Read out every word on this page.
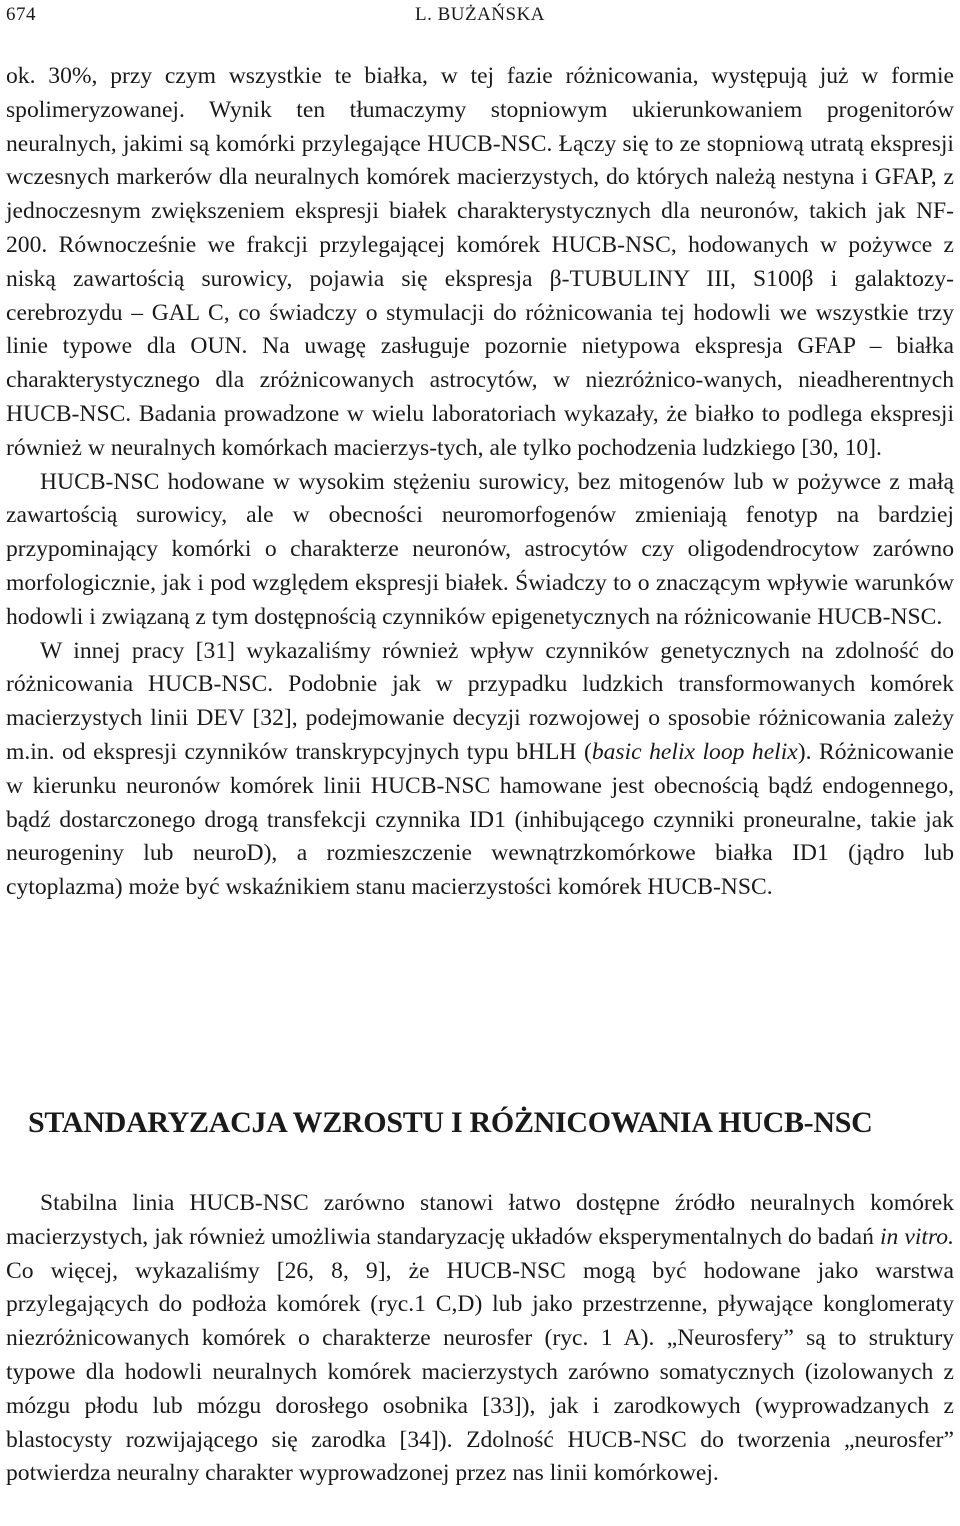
674	L. BUŻAŃSKA

ok. 30%, przy czym wszystkie te białka, w tej fazie różnicowania, występują już w formie spolimeryzowanej. Wynik ten tłumaczymy stopniowym ukierunkowaniem progenitorów neuralnych, jakimi są komórki przylegające HUCB-NSC. Łączy się to ze stopniową utratą ekspresji wczesnych markerów dla neuralnych komórek macierzystych, do których należą nestyna i GFAP, z jednoczesnym zwiększeniem ekspresji białek charakterystycznych dla neuronów, takich jak NF-200. Równocześnie we frakcji przylegającej komórek HUCB-NSC, hodowanych w pożywce z niską zawartością surowicy, pojawia się ekspresja β-TUBULINY III, S100β i galaktozy-cerebrozydu – GAL C, co świadczy o stymulacji do różnicowania tej hodowli we wszystkie trzy linie typowe dla OUN. Na uwagę zasługuje pozornie nietypowa ekspresja GFAP – białka charakterystycznego dla zróżnicowanych astrocytów, w niezróżnico-wanych, nieadherentnych HUCB-NSC. Badania prowadzone w wielu laboratoriach wykazały, że białko to podlega ekspresji również w neuralnych komórkach macierzys-tych, ale tylko pochodzenia ludzkiego [30, 10].

HUCB-NSC hodowane w wysokim stężeniu surowicy, bez mitogenów lub w pożywce z małą zawartością surowicy, ale w obecności neuromorfogenów zmieniają fenotyp na bardziej przypominający komórki o charakterze neuronów, astrocytów czy oligodendrocytow zarówno morfologicznie, jak i pod względem ekspresji białek. Świadczy to o znaczącym wpływie warunków hodowli i związaną z tym dostępnością czynników epigenetycznych na różnicowanie HUCB-NSC.

W innej pracy [31] wykazaliśmy również wpływ czynników genetycznych na zdolność do różnicowania HUCB-NSC. Podobnie jak w przypadku ludzkich transformowanych komórek macierzystych linii DEV [32], podejmowanie decyzji rozwojowej o sposobie różnicowania zależy m.in. od ekspresji czynników transkrypcyjnych typu bHLH (basic helix loop helix). Różnicowanie w kierunku neuronów komórek linii HUCB-NSC hamowane jest obecnością bądź endogennego, bądź dostarczonego drogą transfekcji czynnika ID1 (inhibującego czynniki proneuralne, takie jak neurogeniny lub neuroD), a rozmieszczenie wewnątrzkomórkowe białka ID1 (jądro lub cytoplazma) może być wskaźnikiem stanu macierzystości komórek HUCB-NSC.

STANDARYZACJA WZROSTU I RÓŻNICOWANIA HUCB-NSC

Stabilna linia HUCB-NSC zarówno stanowi łatwo dostępne źródło neuralnych komórek macierzystych, jak również umożliwia standaryzację układów eksperymentalnych do badań in vitro. Co więcej, wykazaliśmy [26, 8, 9], że HUCB-NSC mogą być hodowane jako warstwa przylegających do podłoża komórek (ryc.1 C,D) lub jako przestrzenne, pływające konglomeraty niezróżnicowanych komórek o charakterze neurosfer (ryc. 1 A). „Neurosfery” są to struktury typowe dla hodowli neuralnych komórek macierzystych zarówno somatycznych (izolowanych z mózgu płodu lub mózgu dorosłego osobnika [33]), jak i zarodkowych (wyprowadzanych z blastocysty rozwijającego się zarodka [34]). Zdolność HUCB-NSC do tworzenia „neurosfer” potwierdza neuralny charakter wyprowadzonej przez nas linii komórkowej.
